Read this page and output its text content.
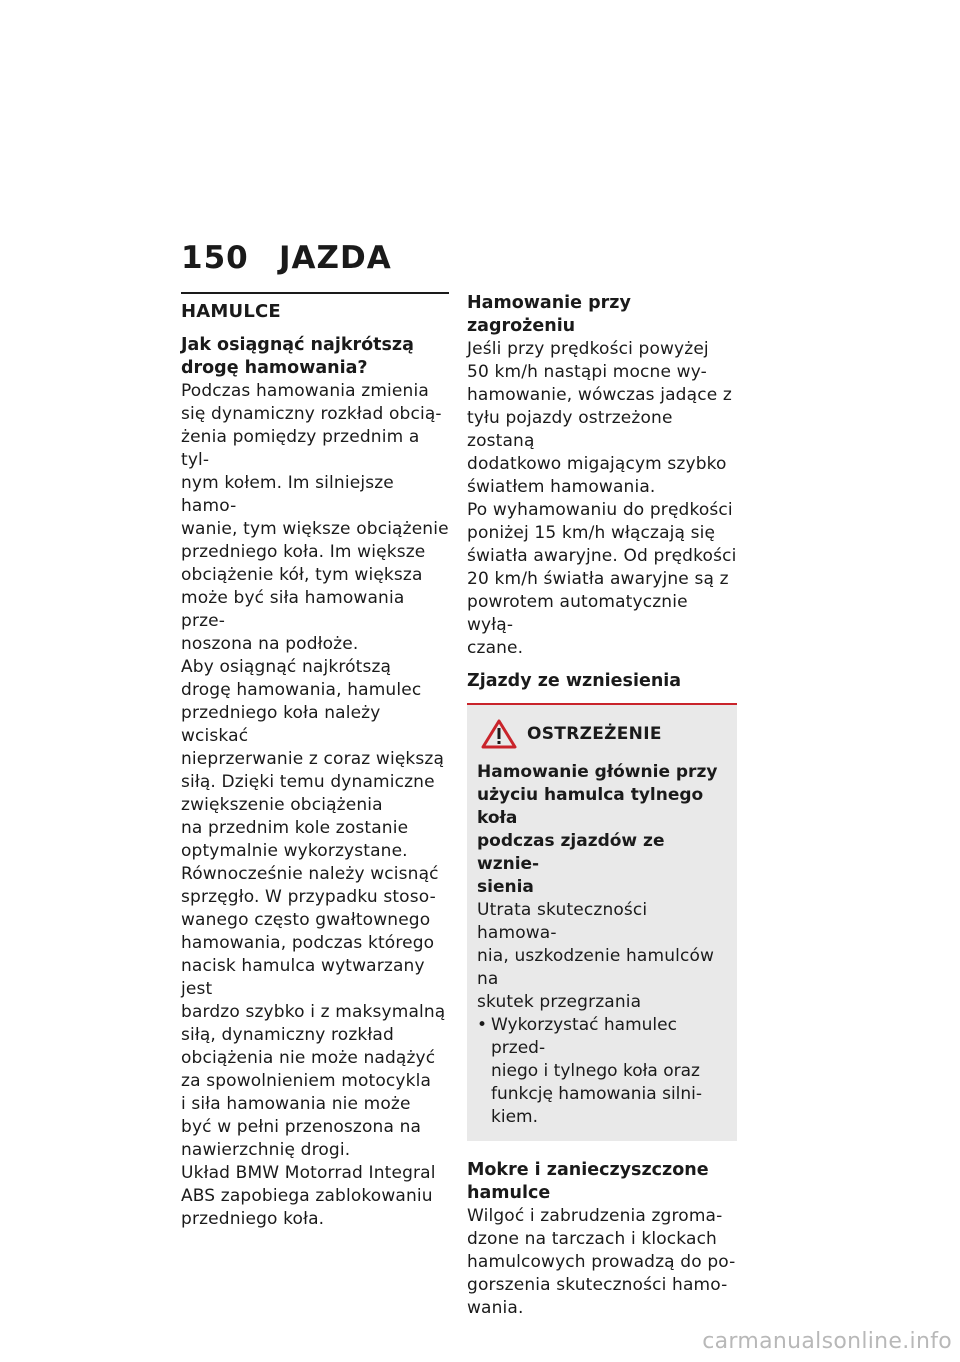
150 JAZDA
HAMULCE
Jak osiągnąć najkrótszą drogę hamowania?
Podczas hamowania zmienia
się dynamiczny rozkład obcią-
żenia pomiędzy przednim a tyl-
nym kołem. Im silniejsze hamo-
wanie, tym większe obciążenie
przedniego koła. Im większe
obciążenie kół, tym większa
może być siła hamowania prze-
noszona na podłoże.
Aby osiągnąć najkrótszą
drogę hamowania, hamulec
przedniego koła należy wciskać
nieprzerwanie z coraz większą
siłą. Dzięki temu dynamiczne
zwiększenie obciążenia
na przednim kole zostanie
optymalnie wykorzystane.
Równocześnie należy wcisnąć
sprzęgło. W przypadku stoso-
wanego często gwałtownego
hamowania, podczas którego
nacisk hamulca wytwarzany jest
bardzo szybko i z maksymalną
siłą, dynamiczny rozkład
obciążenia nie może nadążyć
za spowolnieniem motocykla
i siła hamowania nie może
być w pełni przenoszona na
nawierzchnię drogi.
Układ BMW Motorrad Integral
ABS zapobiega zablokowaniu
przedniego koła.
Hamowanie przy zagrożeniu
Jeśli przy prędkości powyżej
50 km/h nastąpi mocne wy-
hamowanie, wówczas jadące z
tyłu pojazdy ostrzeżone zostaną
dodatkowo migającym szybko
światłem hamowania.
Po wyhamowaniu do prędkości
poniżej 15 km/h włączają się
światła awaryjne. Od prędkości
20 km/h światła awaryjne są z
powrotem automatycznie wyłą-
czane.
Zjazdy ze wzniesienia
OSTRZEŻENIE
Hamowanie głównie przy
użyciu hamulca tylnego koła
podczas zjazdów ze wznie-
sienia
Utrata skuteczności hamowa-
nia, uszkodzenie hamulców na
skutek przegrzania
• Wykorzystać hamulec przed-
niego i tylnego koła oraz
funkcję hamowania silni-
kiem.
Mokre i zanieczyszczone
hamulce
Wilgoć i zabrudzenia zgroma-
dzone na tarczach i klockach
hamulcowych prowadzą do po-
gorszenia skuteczności hamo-
wania.
carmanualsonline.info
